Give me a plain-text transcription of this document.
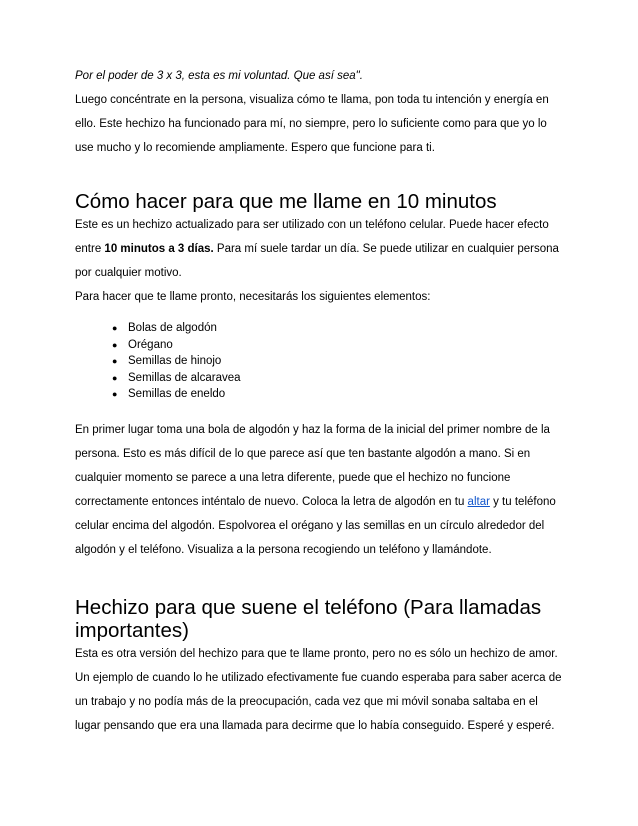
Por el poder de 3 x 3, esta es mi voluntad. Que así sea".

Luego concéntrate en la persona, visualiza cómo te llama, pon toda tu intención y energía en

ello. Este hechizo ha funcionado para mí, no siempre, pero lo suficiente como para que yo lo

use mucho y lo recomiende ampliamente. Espero que funcione para ti.

Cómo hacer para que me llame en 10 minutos

Este es un hechizo actualizado para ser utilizado con un teléfono celular. Puede hacer efecto

entre 10 minutos a 3 días. Para mí suele tardar un día. Se puede utilizar en cualquier persona

por cualquier motivo.

Para hacer que te llame pronto, necesitarás los siguientes elementos:

● Bolas de algodón
● Orégano
● Semillas de hinojo
● Semillas de alcaravea
● Semillas de eneldo

En primer lugar toma una bola de algodón y haz la forma de la inicial del primer nombre de la

persona. Esto es más difícil de lo que parece así que ten bastante algodón a mano. Si en

cualquier momento se parece a una letra diferente, puede que el hechizo no funcione

correctamente entonces inténtalo de nuevo. Coloca la letra de algodón en tu altar y tu teléfono

celular encima del algodón. Espolvorea el orégano y las semillas en un círculo alrededor del

algodón y el teléfono. Visualiza a la persona recogiendo un teléfono y llamándote.

Hechizo para que suene el teléfono (Para llamadas
importantes)

Esta es otra versión del hechizo para que te llame pronto, pero no es sólo un hechizo de amor.

Un ejemplo de cuando lo he utilizado efectivamente fue cuando esperaba para saber acerca de

un trabajo y no podía más de la preocupación, cada vez que mi móvil sonaba saltaba en el

lugar pensando que era una llamada para decirme que lo había conseguido. Esperé y esperé.
